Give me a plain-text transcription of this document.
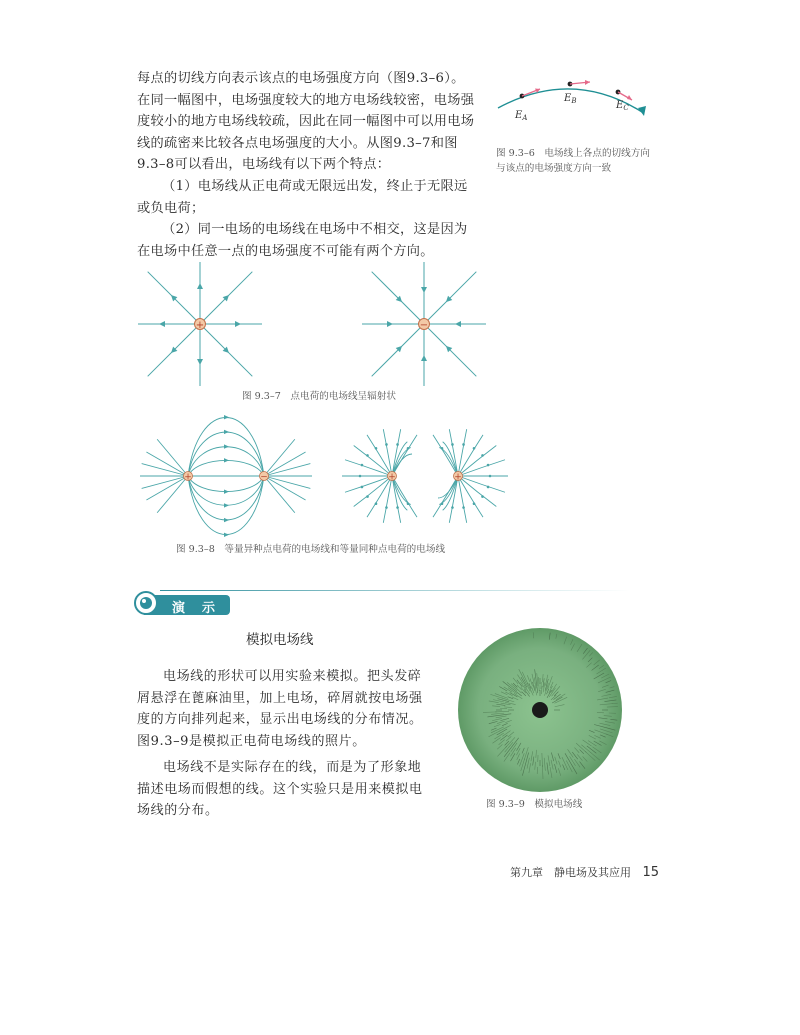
每点的切线方向表示该点的电场强度方向（图9.3–6）。在同一幅图中，电场强度较大的地方电场线较密，电场强度较小的地方电场线较疏，因此在同一幅图中可以用电场线的疏密来比较各点电场强度的大小。从图9.3–7和图9.3–8可以看出，电场线有以下两个特点：

（1）电场线从正电荷或无限远出发，终止于无限远或负电荷；

（2）同一电场的电场线在电场中不相交，这是因为在电场中任意一点的电场强度不可能有两个方向。

$E_A$
$E_B$	$E_C$
图 9.3–6　电场线上各点的切线方向与该点的电场强度方向一致
+	−
图 9.3–7　点电荷的电场线呈辐射状
+	−	+	+
图 9.3–8　等量异种点电荷的电场线和等量同种点电荷的电场线
演　示
模拟电场线

电场线的形状可以用实验来模拟。把头发碎屑悬浮在蓖麻油里，加上电场，碎屑就按电场强度的方向排列起来，显示出电场线的分布情况。图9.3–9是模拟正电荷电场线的照片。

电场线不是实际存在的线，而是为了形象地描述电场而假想的线。这个实验只是用来模拟电场线的分布。	图 9.3–9　模拟电场线
第九章　静电场及其应用 15
